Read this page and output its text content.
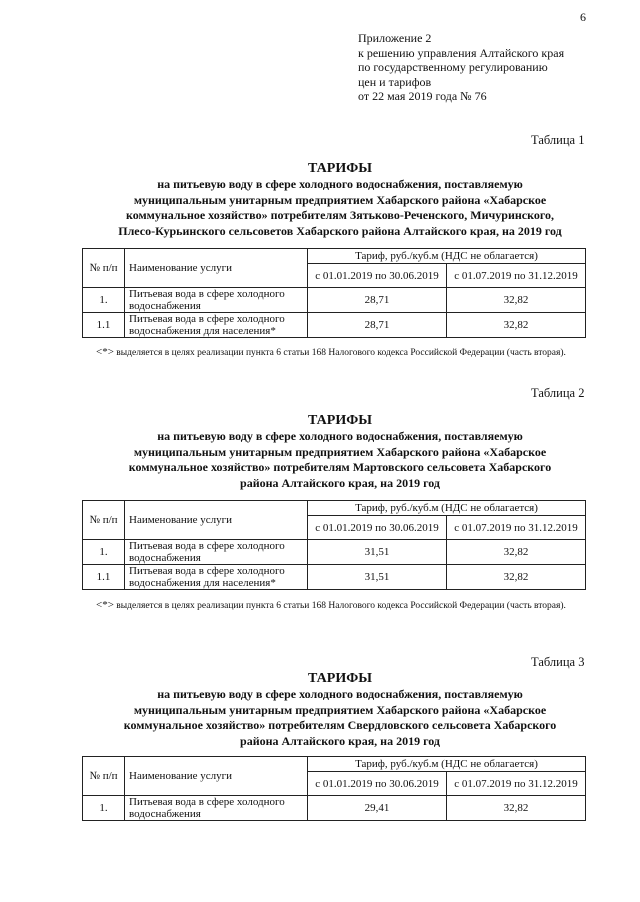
6
Приложение 2
к решению управления Алтайского края
по государственному регулированию
цен и тарифов
от 22 мая 2019 года № 76
Таблица 1
ТАРИФЫ
на питьевую воду в сфере холодного водоснабжения, поставляемую
муниципальным унитарным предприятием Хабарского района «Хабарское
коммунальное хозяйство» потребителям Зятьково-Реченского, Мичуринского,
Плесо-Курьинского сельсоветов Хабарского района Алтайского края, на 2019 год
№ п/п	Наименование услуги	Тариф, руб./куб.м (НДС не облагается)	
		с 01.01.2019 по 30.06.2019	с 01.07.2019 по 31.12.2019
1.	Питьевая вода в сфере холодного водоснабжения	28,71	32,82
1.1	Питьевая вода в сфере холодного водоснабжения для населения*	28,71	32,82
<*> выделяется в целях реализации пункта 6 статьи 168 Налогового кодекса Российской Федерации (часть вторая).
Таблица 2
ТАРИФЫ
на питьевую воду в сфере холодного водоснабжения, поставляемую
муниципальным унитарным предприятием Хабарского района «Хабарское
коммунальное хозяйство» потребителям Мартовского сельсовета Хабарского
района Алтайского края, на 2019 год
№ п/п	Наименование услуги	Тариф, руб./куб.м (НДС не облагается)	
		с 01.01.2019 по 30.06.2019	с 01.07.2019 по 31.12.2019
1.	Питьевая вода в сфере холодного водоснабжения	31,51	32,82
1.1	Питьевая вода в сфере холодного водоснабжения для населения*	31,51	32,82
<*> выделяется в целях реализации пункта 6 статьи 168 Налогового кодекса Российской Федерации (часть вторая).
Таблица 3
ТАРИФЫ
на питьевую воду в сфере холодного водоснабжения, поставляемую
муниципальным унитарным предприятием Хабарского района «Хабарское
коммунальное хозяйство» потребителям Свердловского сельсовета Хабарского
района Алтайского края, на 2019 год
№ п/п	Наименование услуги	Тариф, руб./куб.м (НДС не облагается)	
		с 01.01.2019 по 30.06.2019	с 01.07.2019 по 31.12.2019
1.	Питьевая вода в сфере холодного водоснабжения	29,41	32,82
